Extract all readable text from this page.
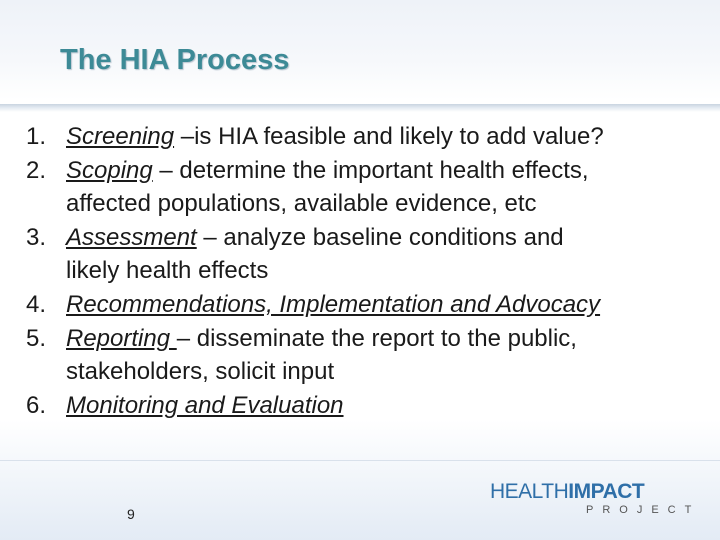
The HIA Process
1. Screening –is HIA feasible and likely to add value?
2. Scoping – determine the important health effects,
affected populations, available evidence, etc
3. Assessment – analyze baseline conditions and
likely health effects
4. Recommendations, Implementation and Advocacy
5. Reporting – disseminate the report to the public,
stakeholders, solicit input
6. Monitoring and Evaluation
9
HEALTHIMPACT
PROJECT
